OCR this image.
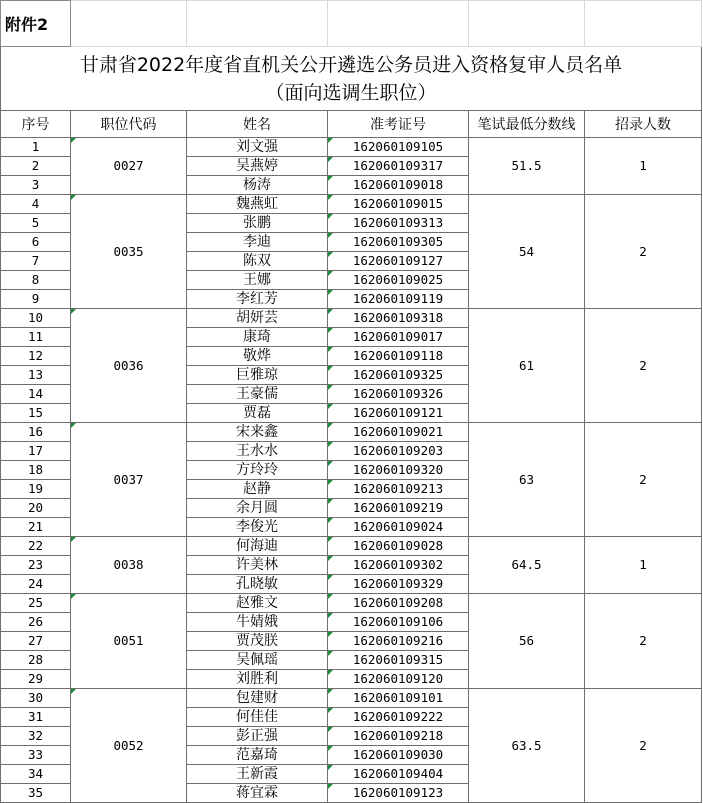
附件2					

甘肃省2022年度省直机关公开遴选公务员进入资格复审人员名单
（面向选调生职位）					

序号	职位代码	姓名	准考证号	笔试最低分数线	招录人数
1	0027	刘文强	162060109105	51.5	1
2		吴燕婷	162060109317		
3		杨涛	162060109018		
4	0035	魏燕虹	162060109015	54	2
5		张鹏	162060109313		
6		李迪	162060109305		
7		陈双	162060109127		
8		王娜	162060109025		
9		李红芳	162060109119		
10	0036	胡妍芸	162060109318	61	2
11		康琦	162060109017		
12		敬烨	162060109118		
13		巨雅琼	162060109325		
14		王豪儒	162060109326		
15		贾磊	162060109121		
16	0037	宋来鑫	162060109021	63	2
17		王水水	162060109203		
18		方玲玲	162060109320		
19		赵静	162060109213		
20		余月圆	162060109219		
21		李俊光	162060109024		
22	0038	何海迪	162060109028	64.5	1
23		许美林	162060109302		
24		孔晓敏	162060109329		
25	0051	赵雅文	162060109208	56	2
26		牛婧娥	162060109106		
27		贾茂朕	162060109216		
28		吴佩瑶	162060109315		
29		刘胜利	162060109120		
30	0052	包建财	162060109101	63.5	2
31		何佳佳	162060109222		
32		彭正强	162060109218		
33		范嘉琦	162060109030		
34		王新霞	162060109404		
35		蒋宜霖	162060109123		
